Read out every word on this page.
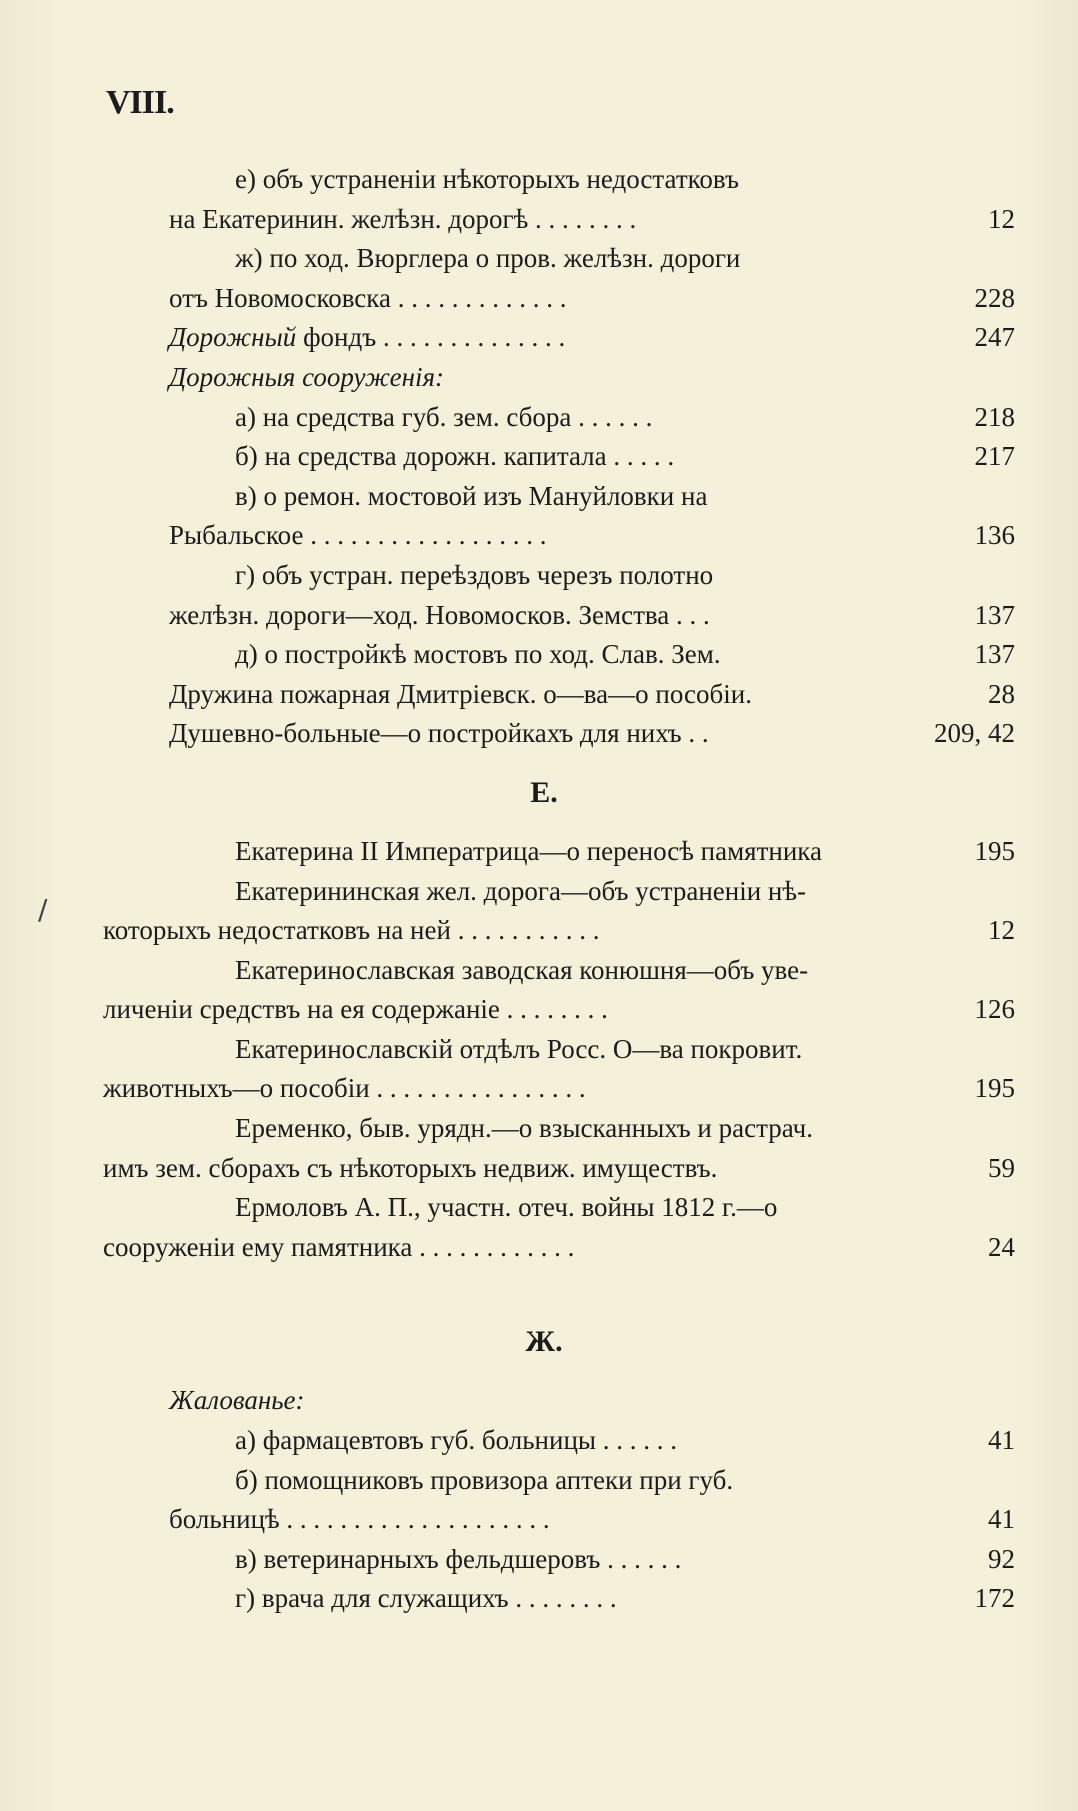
VIII.
/
е) объ устраненіи нѣкоторыхъ недостатковъ
на Екатеринин. желѣзн. дорогѣ . . . . . . . .	12
ж) по ход. Вюрглера о пров. желѣзн. дороги
отъ Новомосковска . . . . . . . . . . . . .	228
Дорожный фондъ . . . . . . . . . . . . . .	247
Дорожныя сооруженія:
а) на средства губ. зем. сбора . . . . . .	218
б) на средства дорожн. капитала . . . . .	217
в) о ремон. мостовой изъ Мануйловки на
Рыбальское . . . . . . . . . . . . . . . . . .	136
г) объ устран. переѣздовъ черезъ полотно
желѣзн. дороги—ход. Новомосков. Земства . . .	137
д) о постройкѣ мостовъ по ход. Слав. Зем.	137
Дружина пожарная Дмитріевск. о—ва—о пособіи.	28
Душевно-больные—о постройкахъ для нихъ . .	209, 42
Е.
Екатерина II Императрица—о переносѣ памятника	195
Екатерининская жел. дорога—объ устраненіи нѣ-
которыхъ недостатковъ на ней . . . . . . . . . . .	12
Екатеринославская заводская конюшня—объ уве-
личеніи средствъ на ея содержаніе . . . . . . . .	126
Екатеринославскій отдѣлъ Росс. О—ва покровит.
животныхъ—о пособіи . . . . . . . . . . . . . . . .	195
Еременко, быв. урядн.—о взысканныхъ и растрач.
имъ зем. сборахъ съ нѣкоторыхъ недвиж. имуществъ.	59
Ермоловъ А. П., участн. отеч. войны 1812 г.—о
сооруженіи ему памятника . . . . . . . . . . . .	24
Ж.
Жалованье:
а) фармацевтовъ губ. больницы . . . . . .	41
б) помощниковъ провизора аптеки при губ.
больницѣ . . . . . . . . . . . . . . . . . . . .	41
в) ветеринарныхъ фельдшеровъ . . . . . .	92
г) врача для служащихъ . . . . . . . .	172
